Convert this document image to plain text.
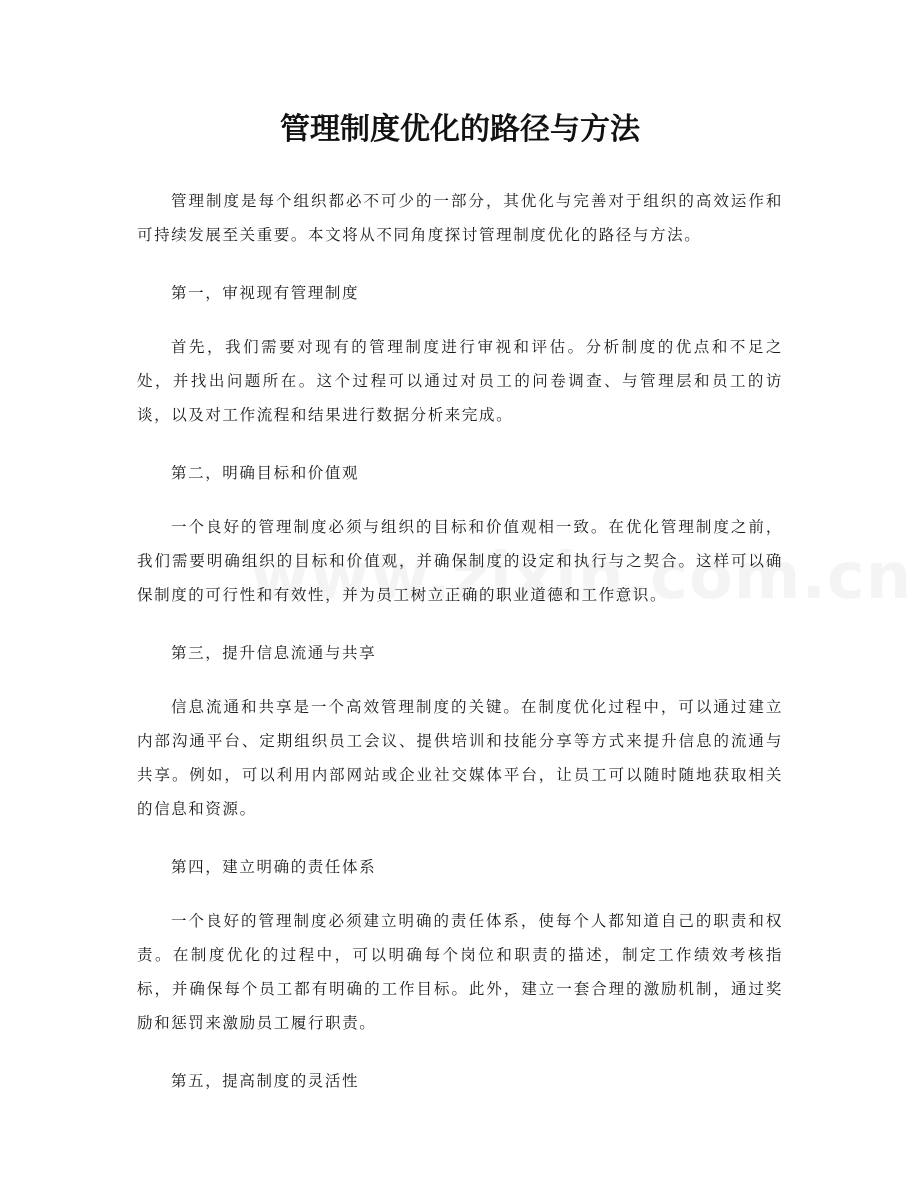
管理制度优化的路径与方法

管理制度是每个组织都必不可少的一部分，其优化与完善对于组织的高效运作和可持续发展至关重要。本文将从不同角度探讨管理制度优化的路径与方法。

第一，审视现有管理制度

首先，我们需要对现有的管理制度进行审视和评估。分析制度的优点和不足之处，并找出问题所在。这个过程可以通过对员工的问卷调查、与管理层和员工的访谈，以及对工作流程和结果进行数据分析来完成。

第二，明确目标和价值观

一个良好的管理制度必须与组织的目标和价值观相一致。在优化管理制度之前，我们需要明确组织的目标和价值观，并确保制度的设定和执行与之契合。这样可以确保制度的可行性和有效性，并为员工树立正确的职业道德和工作意识。

第三，提升信息流通与共享

信息流通和共享是一个高效管理制度的关键。在制度优化过程中，可以通过建立内部沟通平台、定期组织员工会议、提供培训和技能分享等方式来提升信息的流通与共享。例如，可以利用内部网站或企业社交媒体平台，让员工可以随时随地获取相关的信息和资源。

第四，建立明确的责任体系

一个良好的管理制度必须建立明确的责任体系，使每个人都知道自己的职责和权责。在制度优化的过程中，可以明确每个岗位和职责的描述，制定工作绩效考核指标，并确保每个员工都有明确的工作目标。此外，建立一套合理的激励机制，通过奖励和惩罚来激励员工履行职责。

第五，提高制度的灵活性
